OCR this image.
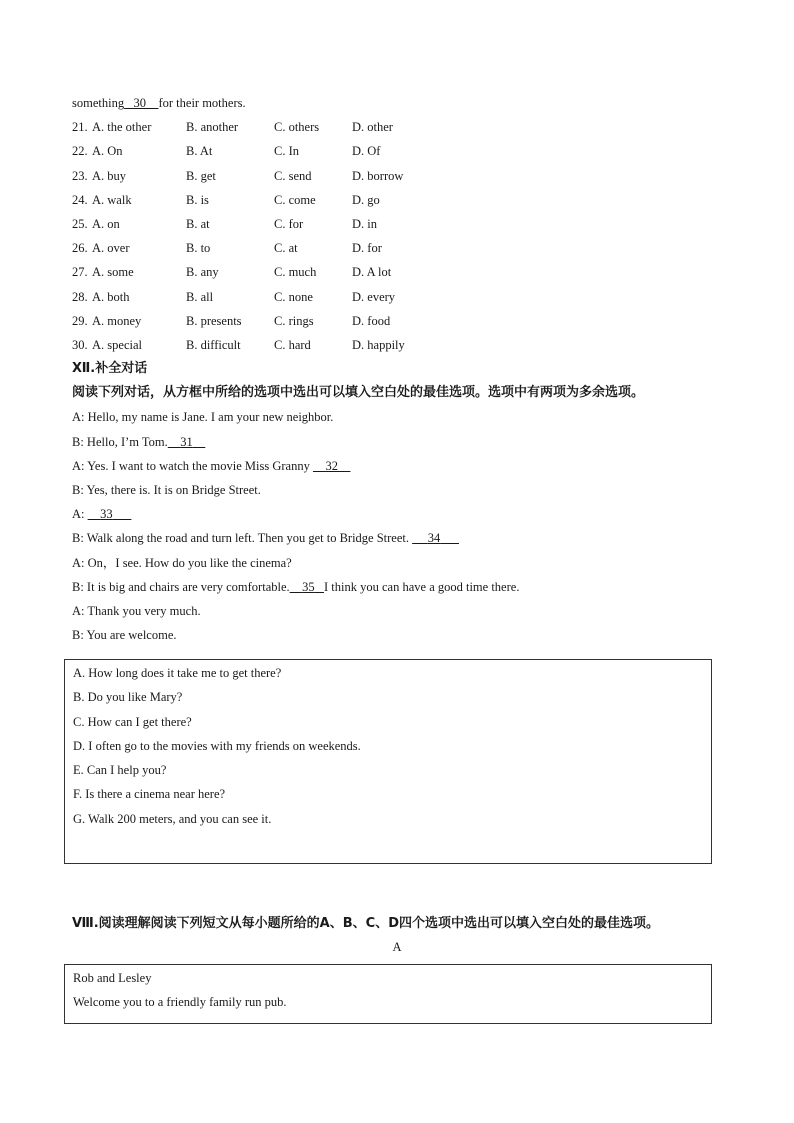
something 30 for their mothers.
21. A. the other	B. another	C. others	D. other
22. A. On	B. At	C. In	D. Of
23. A. buy	B. get	C. send	D. borrow
24. A. walk	B. is	C. come	D. go
25. A. on	B. at	C. for	D. in
26. A. over	B. to	C. at	D. for
27. A. some	B. any	C. much	D. A lot
28. A. both	B. all	C. none	D. every
29. A. money	B. presents	C. rings	D. food
30. A. special	B. difficult	C. hard	D. happily
Ⅻ.补全对话
阅读下列对话，从方框中所给的选项中选出可以填入空白处的最佳选项。选项中有两项为多余选项。
A: Hello, my name is Jane. I am your new neighbor.
B: Hello, I’m Tom. 31
A: Yes. I want to watch the movie Miss Granny     32
B: Yes, there is. It is on Bridge Street.
A:     33
B: Walk along the road and turn left. Then you get to Bridge Street.      34
A: On，I see. How do you like the cinema?
B: It is big and chairs are very comfortable. 35 I think you can have a good time there.
A: Thank you very much.
B: You are welcome.
A. How long does it take me to get there?
B. Do you like Mary?
C. How can I get there?
D. I often go to the movies with my friends on weekends.
E. Can I help you?
F. Is there a cinema near here?
G. Walk 200 meters, and you can see it.
Ⅷ.阅读理解阅读下列短文从每小题所给的A、B、C、D四个选项中选出可以填入空白处的最佳选项。
A
Rob and Lesley
Welcome you to a friendly family run pub.
